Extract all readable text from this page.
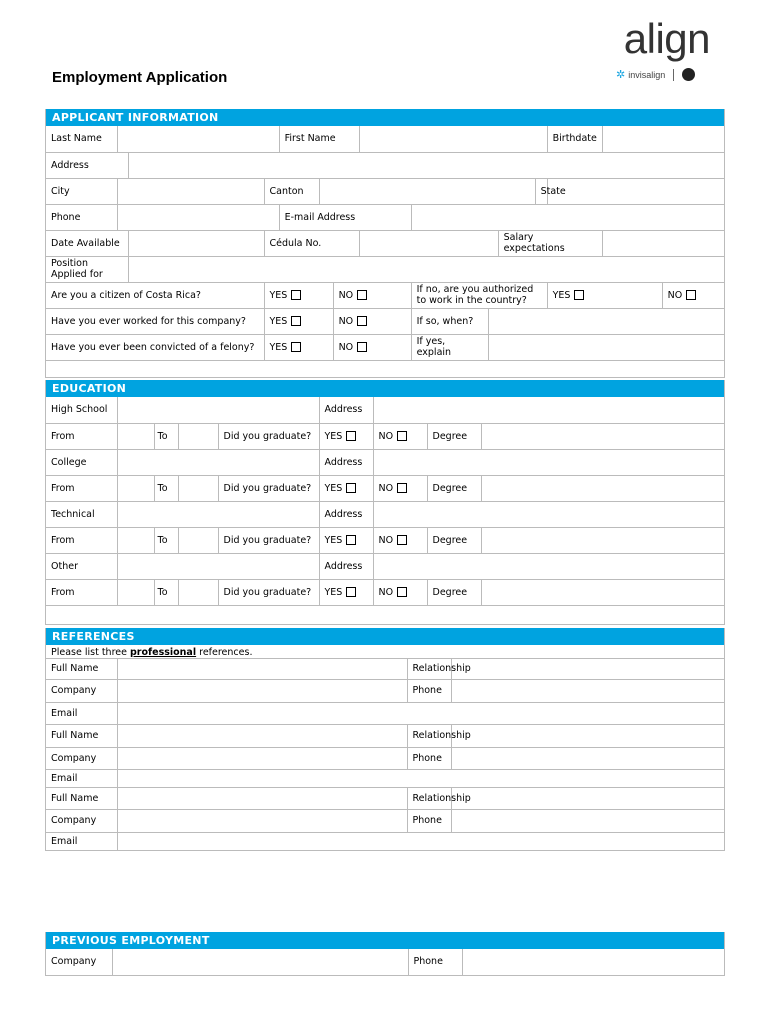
align
✲ invisalign
Employment Application
APPLICANT INFORMATION
Last Name				First Name								Birthdate		
Address														
City			Canton								State			
Phone				E-mail Address										
Date Available			Cédula No.							Salary expectations				
Position Applied for														
Are you a citizen of Costa Rica?			YES			NO		If no, are you authorized to work in the country?				YES		NO
Have you ever worked for this company?			YES			NO		If so, when?						
Have you ever been convicted of a felony?			YES			NO		If yes, explain						

EDUCATION
High School					Address			
From		To		Did you graduate?	YES	NO	Degree	
College					Address			
From		To		Did you graduate?	YES	NO	Degree	
Technical					Address			
From		To		Did you graduate?	YES	NO	Degree	
Other					Address			
From		To		Did you graduate?	YES	NO	Degree	

REFERENCES
Please list three professional references.
Full Name		Relationship	
Company		Phone	
Email			
Full Name		Relationship	
Company		Phone	
Email			
Full Name		Relationship	
Company		Phone	
Email			
PREVIOUS EMPLOYMENT
Company		Phone	
